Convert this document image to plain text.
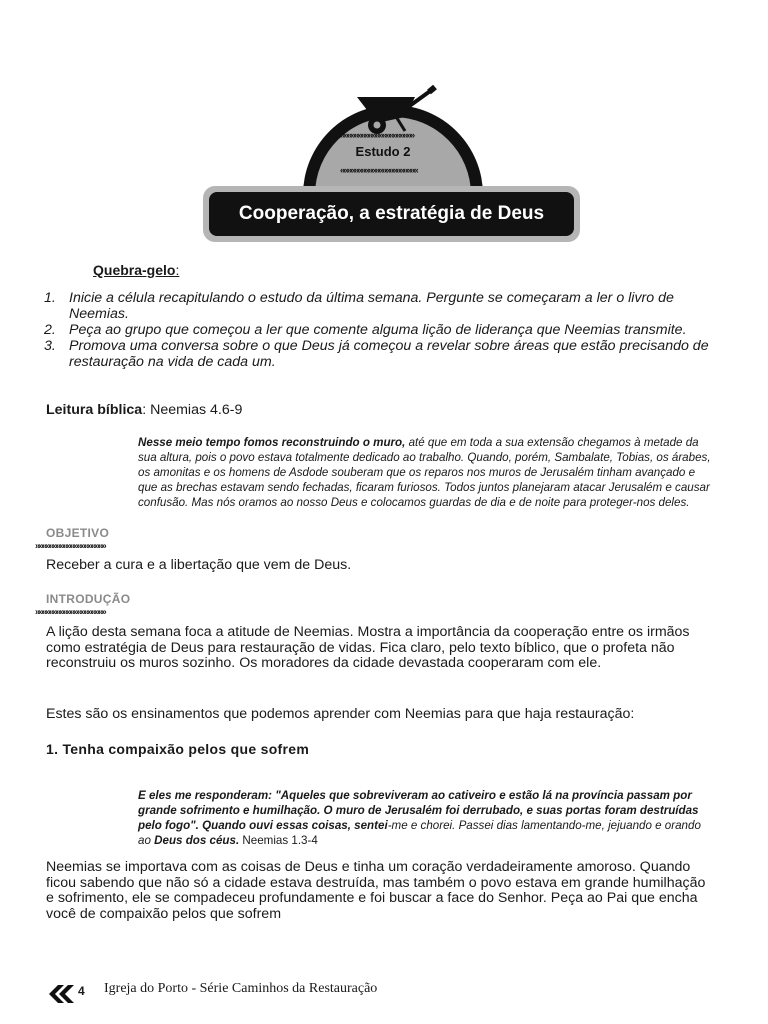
»»»»»»»»»»»»»»»»»»»»»
Estudo 2
««««««««««««««««««««««
Cooperação, a estratégia de Deus
Quebra-gelo:
1. Inicie a célula recapitulando o estudo da última semana. Pergunte se começaram a ler o livro de Neemias.
2. Peça ao grupo que começou a ler que comente alguma lição de liderança que Neemias transmite.
3. Promova uma conversa sobre o que Deus já começou a revelar sobre áreas que estão precisando de restauração na vida de cada um.
Leitura bíblica: Neemias 4.6-9
Nesse meio tempo fomos reconstruindo o muro, até que em toda a sua extensão chegamos à metade da sua altura, pois o povo estava totalmente dedicado ao trabalho. Quando, porém, Sambalate, Tobias, os árabes, os amonitas e os homens de Asdode souberam que os reparos nos muros de Jerusalém tinham avançado e que as brechas estavam sendo fechadas, ficaram furiosos. Todos juntos planejaram atacar Jerusalém e causar confusão. Mas nós oramos ao nosso Deus e colocamos guardas de dia e de noite para proteger-nos deles.
OBJETIVO
»»»»»»»»»»»»»»»»»»»»
Receber a cura e a libertação que vem de Deus.
INTRODUÇÃO
»»»»»»»»»»»»»»»»»»»»
A lição desta semana foca a atitude de Neemias. Mostra a importância da cooperação entre os irmãos como estratégia de Deus para restauração de vidas. Fica claro, pelo texto bíblico, que o profeta não reconstruiu os muros sozinho. Os moradores da cidade devastada cooperaram com ele.
Estes são os ensinamentos que podemos aprender com Neemias para que haja restauração:
1. Tenha compaixão pelos que sofrem
E eles me responderam: "Aqueles que sobreviveram ao cativeiro e estão lá na província passam por grande sofrimento e humilhação. O muro de Jerusalém foi derrubado, e suas portas foram destruídas pelo fogo". Quando ouvi essas coisas, sentei-me e chorei. Passei dias lamentando-me, jejuando e orando ao Deus dos céus. Neemias 1.3-4
Neemias se importava com as coisas de Deus e tinha um coração verdadeiramente amoroso. Quando ficou sabendo que não só a cidade estava destruída, mas também o povo estava em grande humilhação e sofrimento, ele se compadeceu profundamente e foi buscar a face do Senhor. Peça ao Pai que encha você de compaixão pelos que sofrem
4 Igreja do Porto - Série Caminhos da Restauração
